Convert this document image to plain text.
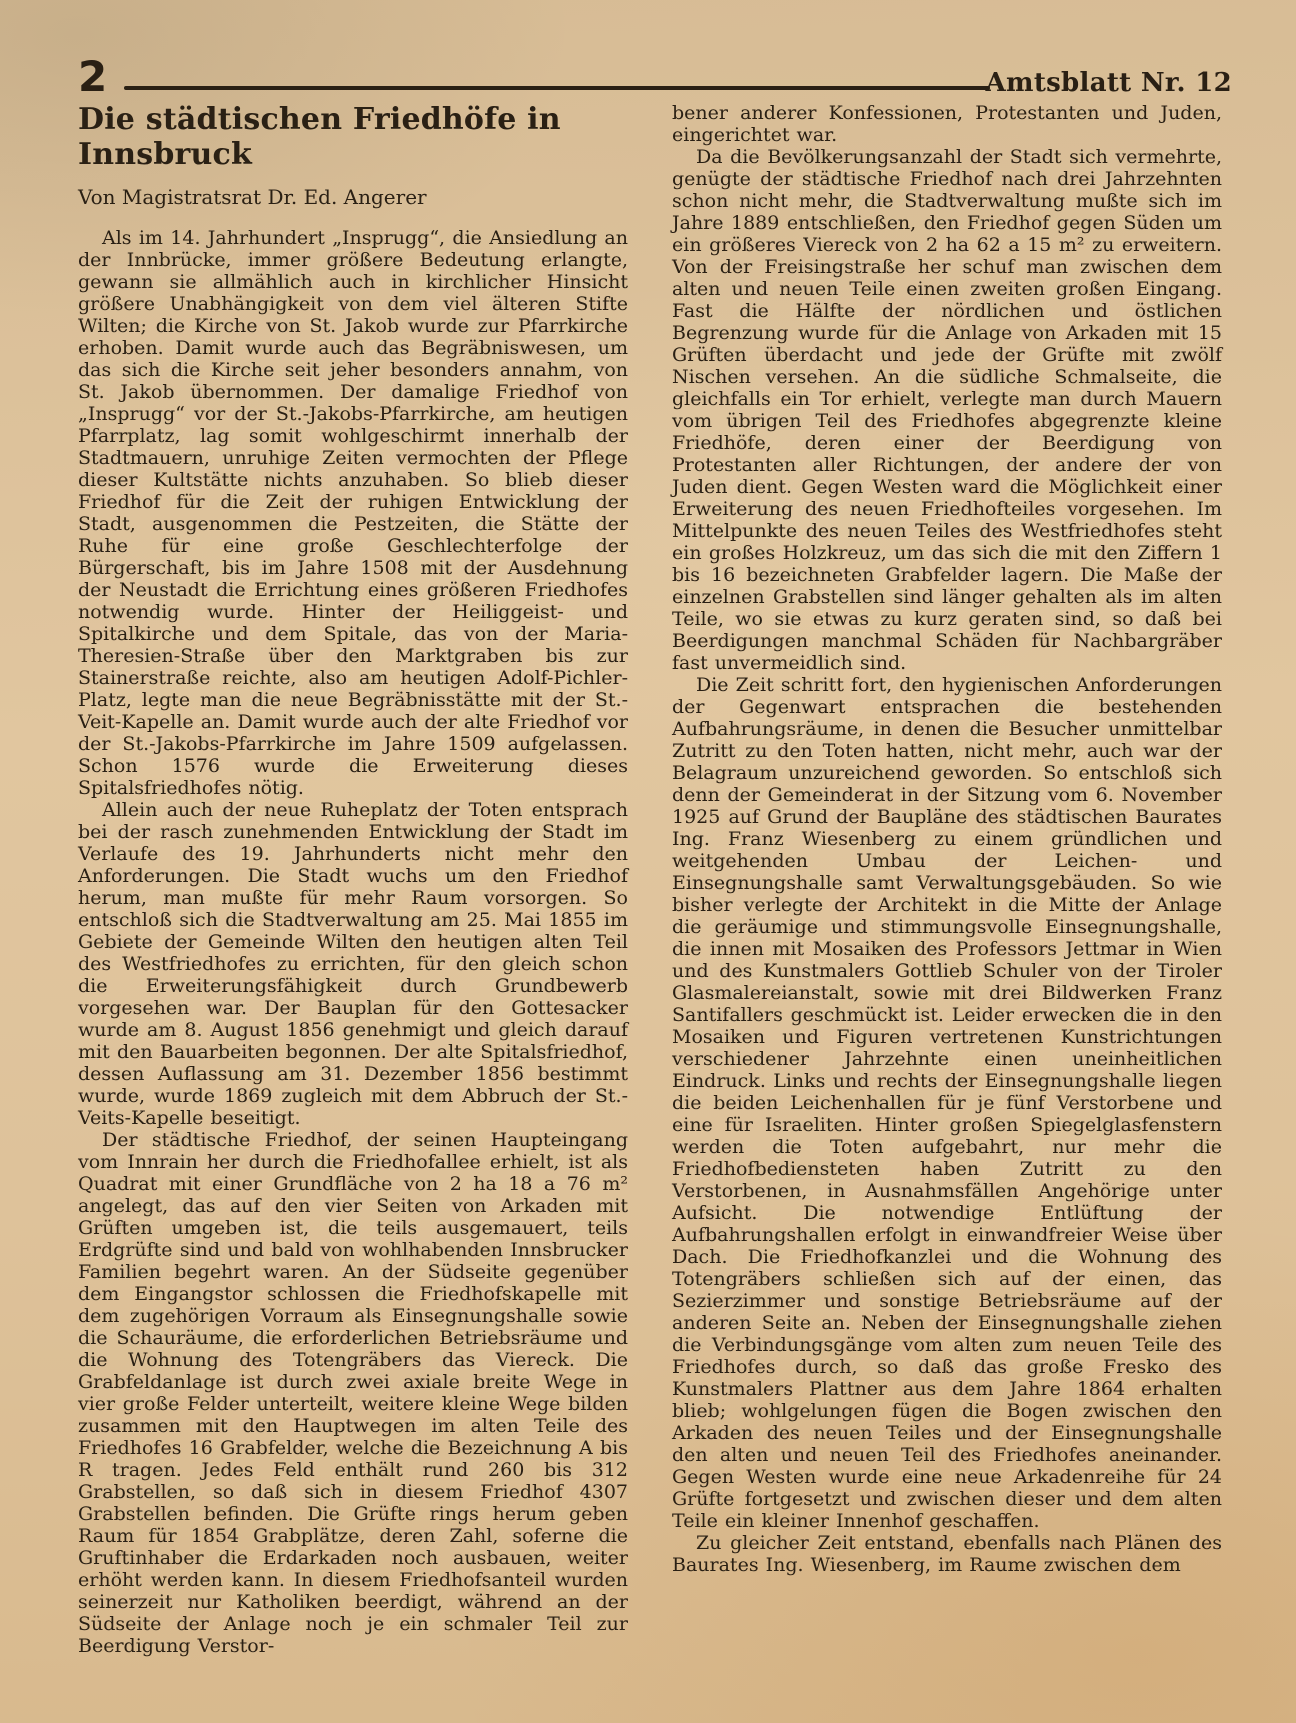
2	Amtsblatt Nr. 12
Die städtischen Friedhöfe in Innsbruck
Von Magistratsrat Dr. Ed. Angerer

Als im 14. Jahrhundert „Insprugg“, die Ansiedlung an der Innbrücke, immer größere Bedeutung erlangte, gewann sie allmählich auch in kirchlicher Hinsicht größere Unabhängigkeit von dem viel älteren Stifte Wilten; die Kirche von St. Jakob wurde zur Pfarrkirche erhoben. Damit wurde auch das Begräbniswesen, um das sich die Kirche seit jeher besonders annahm, von St. Jakob übernommen. Der damalige Friedhof von „Insprugg“ vor der St.-Jakobs-Pfarrkirche, am heutigen Pfarrplatz, lag somit wohlgeschirmt innerhalb der Stadtmauern, unruhige Zeiten vermochten der Pflege dieser Kultstätte nichts anzuhaben. So blieb dieser Friedhof für die Zeit der ruhigen Entwicklung der Stadt, ausgenommen die Pestzeiten, die Stätte der Ruhe für eine große Geschlechterfolge der Bürgerschaft, bis im Jahre 1508 mit der Ausdehnung der Neustadt die Errichtung eines größeren Friedhofes notwendig wurde. Hinter der Heiliggeist- und Spitalkirche und dem Spitale, das von der Maria-Theresien-Straße über den Marktgraben bis zur Stainerstraße reichte, also am heutigen Adolf-Pichler-Platz, legte man die neue Begräbnisstätte mit der St.-Veit-Kapelle an. Damit wurde auch der alte Friedhof vor der St.-Jakobs-Pfarrkirche im Jahre 1509 aufgelassen. Schon 1576 wurde die Erweiterung dieses Spitalsfriedhofes nötig.

Allein auch der neue Ruheplatz der Toten entsprach bei der rasch zunehmenden Entwicklung der Stadt im Verlaufe des 19. Jahrhunderts nicht mehr den Anforderungen. Die Stadt wuchs um den Friedhof herum, man mußte für mehr Raum vorsorgen. So entschloß sich die Stadtverwaltung am 25. Mai 1855 im Gebiete der Gemeinde Wilten den heutigen alten Teil des Westfriedhofes zu errichten, für den gleich schon die Erweiterungsfähigkeit durch Grundbewerb vorgesehen war. Der Bauplan für den Gottesacker wurde am 8. August 1856 genehmigt und gleich darauf mit den Bauarbeiten begonnen. Der alte Spitalsfriedhof, dessen Auflassung am 31. Dezember 1856 bestimmt wurde, wurde 1869 zugleich mit dem Abbruch der St.-Veits-Kapelle beseitigt.

Der städtische Friedhof, der seinen Haupteingang vom Innrain her durch die Friedhofallee erhielt, ist als Quadrat mit einer Grundfläche von 2 ha 18 a 76 m² angelegt, das auf den vier Seiten von Arkaden mit Grüften umgeben ist, die teils ausgemauert, teils Erdgrüfte sind und bald von wohlhabenden Innsbrucker Familien begehrt waren. An der Südseite gegenüber dem Eingangstor schlossen die Friedhofskapelle mit dem zugehörigen Vorraum als Einsegnungshalle sowie die Schauräume, die erforderlichen Betriebsräume und die Wohnung des Totengräbers das Viereck. Die Grabfeldanlage ist durch zwei axiale breite Wege in vier große Felder unterteilt, weitere kleine Wege bilden zusammen mit den Hauptwegen im alten Teile des Friedhofes 16 Grabfelder, welche die Bezeichnung A bis R tragen. Jedes Feld enthält rund 260 bis 312 Grabstellen, so daß sich in diesem Friedhof 4307 Grabstellen befinden. Die Grüfte rings herum geben Raum für 1854 Grabplätze, deren Zahl, soferne die Gruftinhaber die Erdarkaden noch ausbauen, weiter erhöht werden kann. In diesem Friedhofsanteil wurden seinerzeit nur Katholiken beerdigt, während an der Südseite der Anlage noch je ein schmaler Teil zur Beerdigung Verstor-

bener anderer Konfessionen, Protestanten und Juden, eingerichtet war.

Da die Bevölkerungsanzahl der Stadt sich vermehrte, genügte der städtische Friedhof nach drei Jahrzehnten schon nicht mehr, die Stadtverwaltung mußte sich im Jahre 1889 entschließen, den Friedhof gegen Süden um ein größeres Viereck von 2 ha 62 a 15 m² zu erweitern. Von der Freisingstraße her schuf man zwischen dem alten und neuen Teile einen zweiten großen Eingang. Fast die Hälfte der nördlichen und östlichen Begrenzung wurde für die Anlage von Arkaden mit 15 Grüften überdacht und jede der Grüfte mit zwölf Nischen versehen. An die südliche Schmalseite, die gleichfalls ein Tor erhielt, verlegte man durch Mauern vom übrigen Teil des Friedhofes abgegrenzte kleine Friedhöfe, deren einer der Beerdigung von Protestanten aller Richtungen, der andere der von Juden dient. Gegen Westen ward die Möglichkeit einer Erweiterung des neuen Friedhofteiles vorgesehen. Im Mittelpunkte des neuen Teiles des Westfriedhofes steht ein großes Holzkreuz, um das sich die mit den Ziffern 1 bis 16 bezeichneten Grabfelder lagern. Die Maße der einzelnen Grabstellen sind länger gehalten als im alten Teile, wo sie etwas zu kurz geraten sind, so daß bei Beerdigungen manchmal Schäden für Nachbargräber fast unvermeidlich sind.

Die Zeit schritt fort, den hygienischen Anforderungen der Gegenwart entsprachen die bestehenden Aufbahrungsräume, in denen die Besucher unmittelbar Zutritt zu den Toten hatten, nicht mehr, auch war der Belagraum unzureichend geworden. So entschloß sich denn der Gemeinderat in der Sitzung vom 6. November 1925 auf Grund der Baupläne des städtischen Baurates Ing. Franz Wiesenberg zu einem gründlichen und weitgehenden Umbau der Leichen- und Einsegnungshalle samt Verwaltungsgebäuden. So wie bisher verlegte der Architekt in die Mitte der Anlage die geräumige und stimmungsvolle Einsegnungshalle, die innen mit Mosaiken des Professors Jettmar in Wien und des Kunstmalers Gottlieb Schuler von der Tiroler Glasmalereianstalt, sowie mit drei Bildwerken Franz Santifallers geschmückt ist. Leider erwecken die in den Mosaiken und Figuren vertretenen Kunstrichtungen verschiedener Jahrzehnte einen uneinheitlichen Eindruck. Links und rechts der Einsegnungshalle liegen die beiden Leichenhallen für je fünf Verstorbene und eine für Israeliten. Hinter großen Spiegelglasfenstern werden die Toten aufgebahrt, nur mehr die Friedhofbediensteten haben Zutritt zu den Verstorbenen, in Ausnahmsfällen Angehörige unter Aufsicht. Die notwendige Entlüftung der Aufbahrungshallen erfolgt in einwandfreier Weise über Dach. Die Friedhofkanzlei und die Wohnung des Totengräbers schließen sich auf der einen, das Sezierzimmer und sonstige Betriebsräume auf der anderen Seite an. Neben der Einsegnungshalle ziehen die Verbindungsgänge vom alten zum neuen Teile des Friedhofes durch, so daß das große Fresko des Kunstmalers Plattner aus dem Jahre 1864 erhalten blieb; wohlgelungen fügen die Bogen zwischen den Arkaden des neuen Teiles und der Einsegnungshalle den alten und neuen Teil des Friedhofes aneinander. Gegen Westen wurde eine neue Arkadenreihe für 24 Grüfte fortgesetzt und zwischen dieser und dem alten Teile ein kleiner Innenhof geschaffen.

Zu gleicher Zeit entstand, ebenfalls nach Plänen des Baurates Ing. Wiesenberg, im Raume zwischen dem
